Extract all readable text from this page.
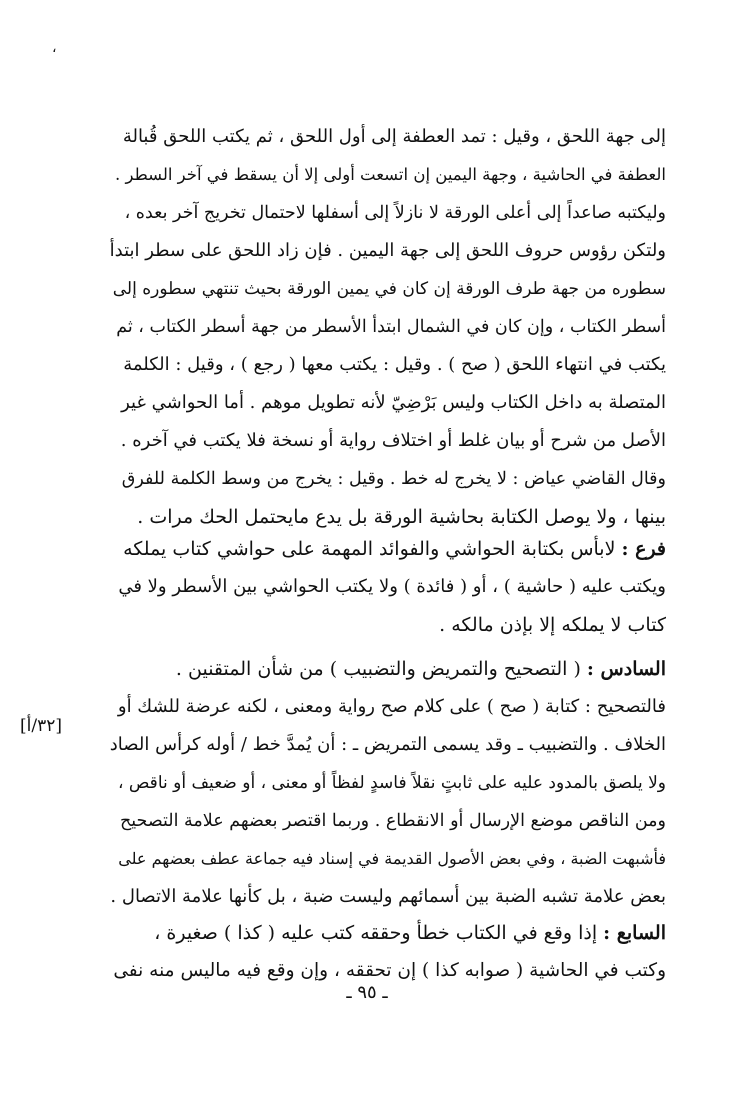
،
إلى جهة اللحق ، وقيل : تمد العطفة إلى أول اللحق ، ثم يكتب اللحق قُبالة
العطفة في الحاشية ، وجهة اليمين إن اتسعت أولى إلا أن يسقط في آخر السطر .
وليكتبه صاعداً إلى أعلى الورقة لا نازلاً إلى أسفلها لاحتمال تخريج آخر بعده ،
ولتكن رؤوس حروف اللحق إلى جهة اليمين . فإن زاد اللحق على سطر ابتدأ
سطوره من جهة طرف الورقة إن كان في يمين الورقة بحيث تنتهي سطوره إلى
أسطر الكتاب ، وإن كان في الشمال ابتدأ الأسطر من جهة أسطر الكتاب ، ثم
يكتب في انتهاء اللحق ( صح ) . وقيل : يكتب معها ( رجع ) ، وقيل : الكلمة
المتصلة به داخل الكتاب وليس بَرْضِيّ لأنه تطويل موهم . أما الحواشي غير
الأصل من شرح أو بيان غلط أو اختلاف رواية أو نسخة فلا يكتب في آخره .
وقال القاضي عياض : لا يخرج له خط . وقيل : يخرج من وسط الكلمة للفرق
بينها ، ولا يوصل الكتابة بحاشية الورقة بل يدع مايحتمل الحك مرات .
فرع : لابأس بكتابة الحواشي والفوائد المهمة على حواشي كتاب يملكه
ويكتب عليه ( حاشية ) ، أو ( فائدة ) ولا يكتب الحواشي بين الأسطر ولا في
كتاب لا يملكه إلا بإذن مالكه .
السادس : ( التصحيح والتمريض والتضبيب ) من شأن المتقنين .
فالتصحيح : كتابة ( صح ) على كلام صح رواية ومعنى ، لكنه عرضة للشك أو
الخلاف . والتضبيب ـ وقد يسمى التمريض ـ : أن يُمدَّ خط / أوله كرأس الصاد
ولا يلصق بالمدود عليه على ثابتٍ نقلاً فاسدٍ لفظاً أو معنى ، أو ضعيف أو ناقص ،
ومن الناقص موضع الإرسال أو الانقطاع . وربما اقتصر بعضهم علامة التصحيح
فأشبهت الضبة ، وفي بعض الأصول القديمة في إسناد فيه جماعة عطف بعضهم على
بعض علامة تشبه الضبة بين أسمائهم وليست ضبة ، بل كأنها علامة الاتصال .
[٣٢/أ]
السابع : إذا وقع في الكتاب خطأ وحققه كتب عليه ( كذا ) صغيرة ،
وكتب في الحاشية ( صوابه كذا ) إن تحققه ، وإن وقع فيه ماليس منه نفى
ـ ٩٥ ـ
